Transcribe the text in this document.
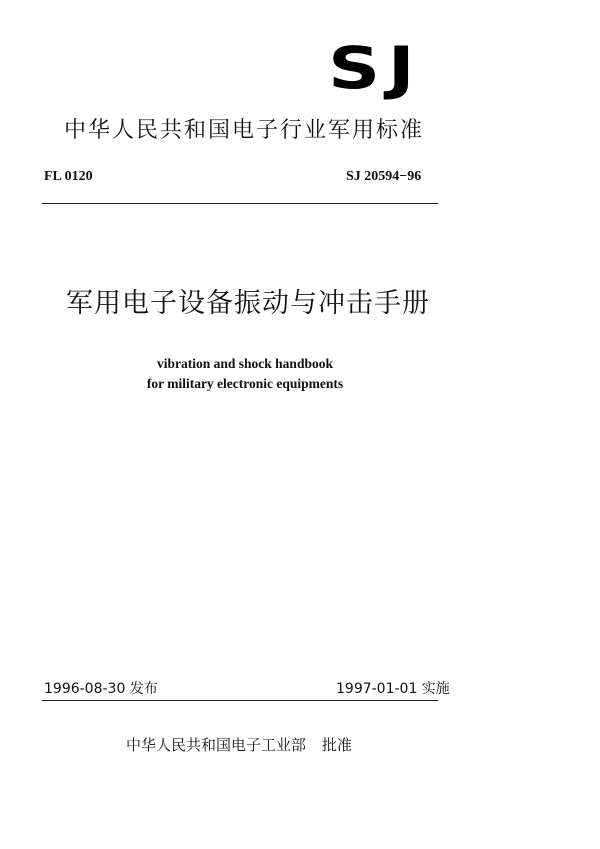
SJ
中华人民共和国电子行业军用标准
FL 0120	SJ 20594−96
军用电子设备振动与冲击手册
vibration and shock handbook
for military electronic equipments
1996-08-30 发布	1997-01-01 实施
中华人民共和国电子工业部 批准
